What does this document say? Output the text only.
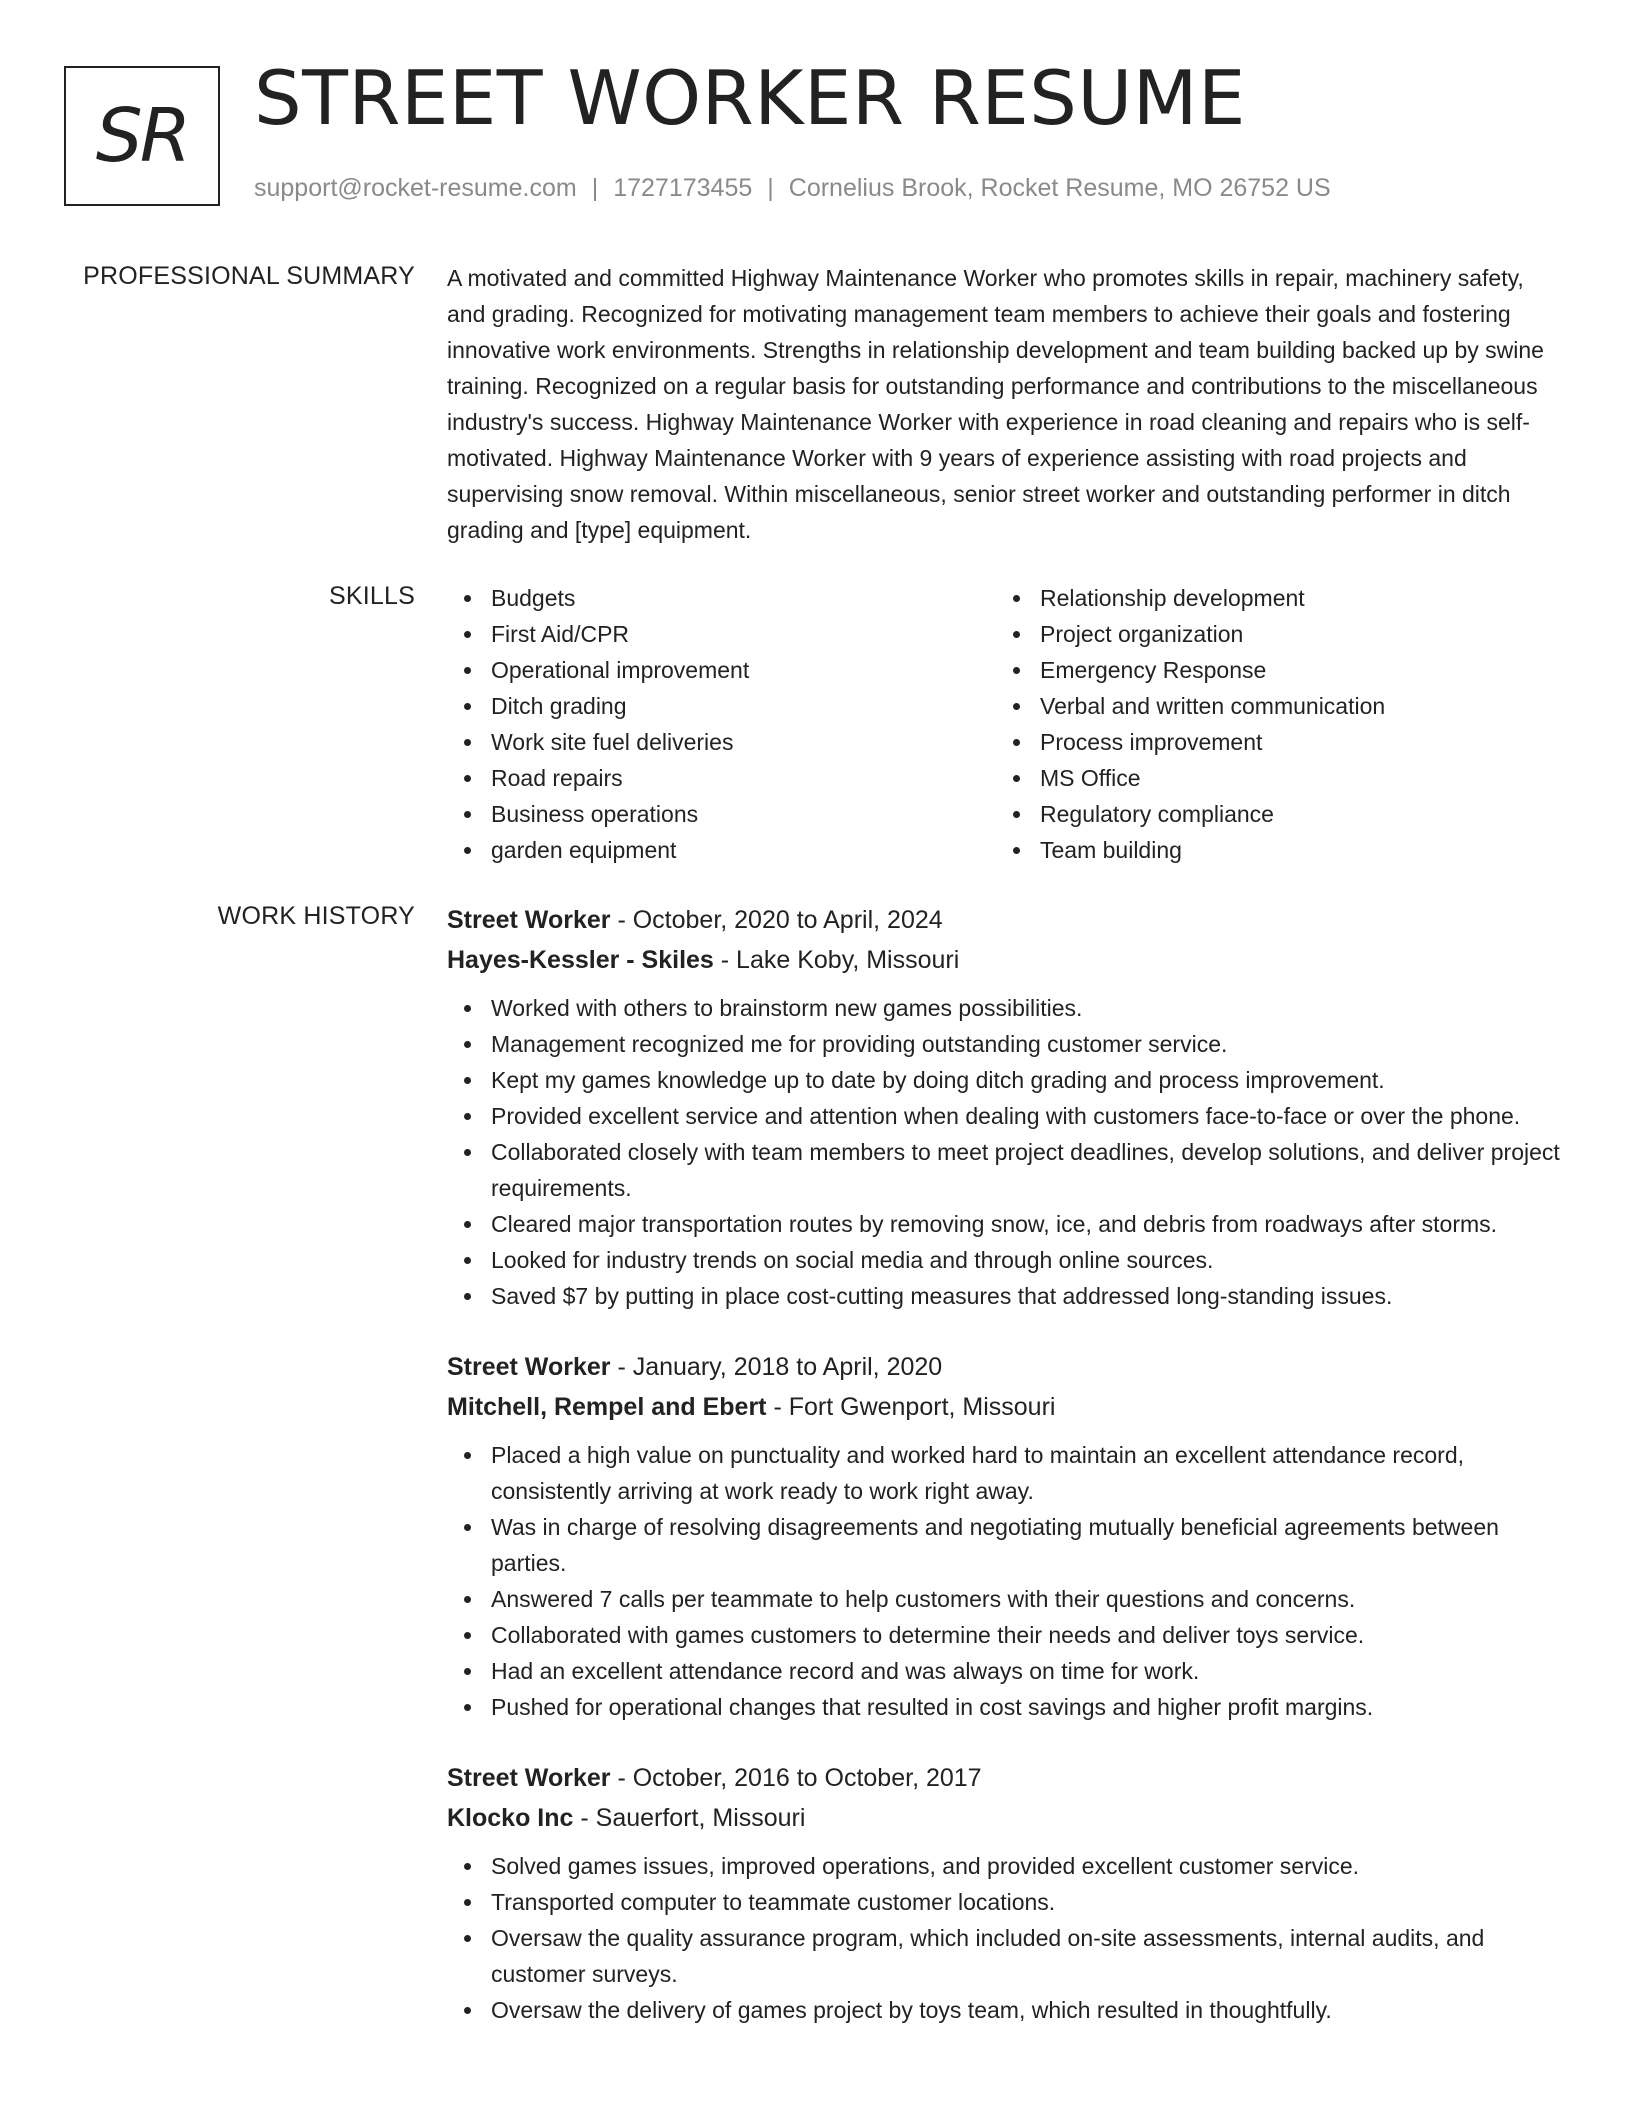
SR STREET WORKER RESUME
support@rocket-resume.com | 1727173455 | Cornelius Brook, Rocket Resume, MO 26752 US
PROFESSIONAL SUMMARY A motivated and committed Highway Maintenance Worker who promotes skills in repair, machinery safety, and grading. Recognized for motivating management team members to achieve their goals and fostering innovative work environments. Strengths in relationship development and team building backed up by swine training. Recognized on a regular basis for outstanding performance and contributions to the miscellaneous industry's success. Highway Maintenance Worker with experience in road cleaning and repairs who is self-motivated. Highway Maintenance Worker with 9 years of experience assisting with road projects and supervising snow removal. Within miscellaneous, senior street worker and outstanding performer in ditch grading and [type] equipment.

SKILLS	Budgets
First Aid/CPR
Operational improvement
Ditch grading
Work site fuel deliveries
Road repairs
Business operations
garden equipment
Relationship development
Project organization
Emergency Response
Verbal and written communication
Process improvement
MS Office
Regulatory compliance
Team building
WORK HISTORY Street Worker - October, 2020 to April, 2024
Hayes-Kessler - Skiles - Lake Koby, Missouri
Worked with others to brainstorm new games possibilities.
Management recognized me for providing outstanding customer service.
Kept my games knowledge up to date by doing ditch grading and process improvement.
Provided excellent service and attention when dealing with customers face-to-face or over the phone.
Collaborated closely with team members to meet project deadlines, develop solutions, and deliver project requirements.
Cleared major transportation routes by removing snow, ice, and debris from roadways after storms.
Looked for industry trends on social media and through online sources.
Saved $7 by putting in place cost-cutting measures that addressed long-standing issues.
Street Worker - January, 2018 to April, 2020
Mitchell, Rempel and Ebert - Fort Gwenport, Missouri
Placed a high value on punctuality and worked hard to maintain an excellent attendance record, consistently arriving at work ready to work right away.
Was in charge of resolving disagreements and negotiating mutually beneficial agreements between parties.
Answered 7 calls per teammate to help customers with their questions and concerns.
Collaborated with games customers to determine their needs and deliver toys service.
Had an excellent attendance record and was always on time for work.
Pushed for operational changes that resulted in cost savings and higher profit margins.
Street Worker - October, 2016 to October, 2017
Klocko Inc - Sauerfort, Missouri
Solved games issues, improved operations, and provided excellent customer service.
Transported computer to teammate customer locations.
Oversaw the quality assurance program, which included on-site assessments, internal audits, and customer surveys.
Oversaw the delivery of games project by toys team, which resulted in thoughtfully.
